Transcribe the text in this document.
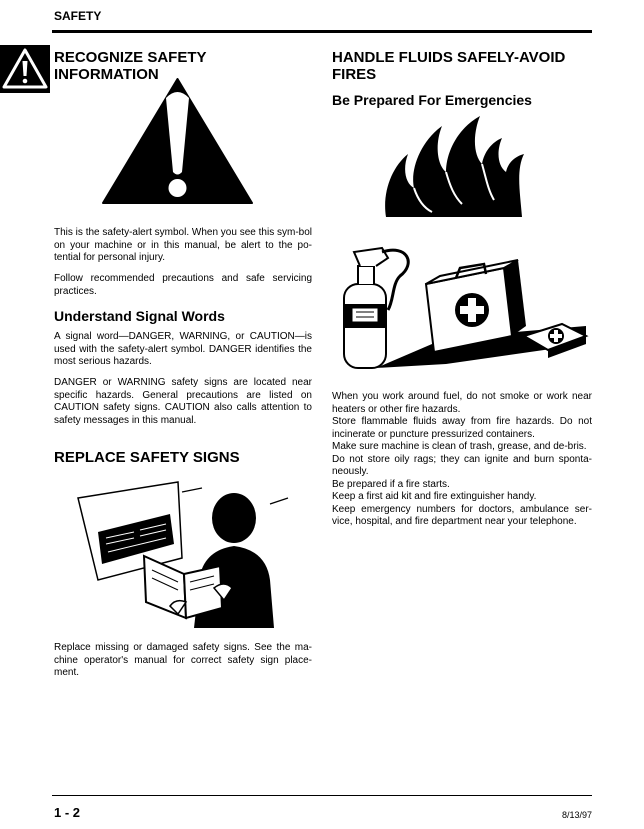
SAFETY
RECOGNIZE SAFETY INFORMATION

This is the safety-alert symbol. When you see this sym-bol on your machine or in this manual, be alert to the po-tential for personal injury.

Follow recommended precautions and safe servicing practices.

Understand Signal Words

A signal word—DANGER, WARNING, or CAUTION—is used with the safety-alert symbol. DANGER identifies the most serious hazards.

DANGER or WARNING safety signs are located near specific hazards. General precautions are listed on CAUTION safety signs. CAUTION also calls attention to safety messages in this manual.

REPLACE SAFETY SIGNS

Replace missing or damaged safety signs. See the ma-chine operator's manual for correct safety sign place-ment.

HANDLE FLUIDS SAFELY-AVOID FIRES
Be Prepared For Emergencies

When you work around fuel, do not smoke or work near heaters or other fire hazards.

Store flammable fluids away from fire hazards. Do not incinerate or puncture pressurized containers.

Make sure machine is clean of trash, grease, and de-bris.

Do not store oily rags; they can ignite and burn sponta-neously.

Be prepared if a fire starts.

Keep a first aid kit and fire extinguisher handy.

Keep emergency numbers for doctors, ambulance ser-vice, hospital, and fire department near your telephone.

1 - 2	8/13/97
